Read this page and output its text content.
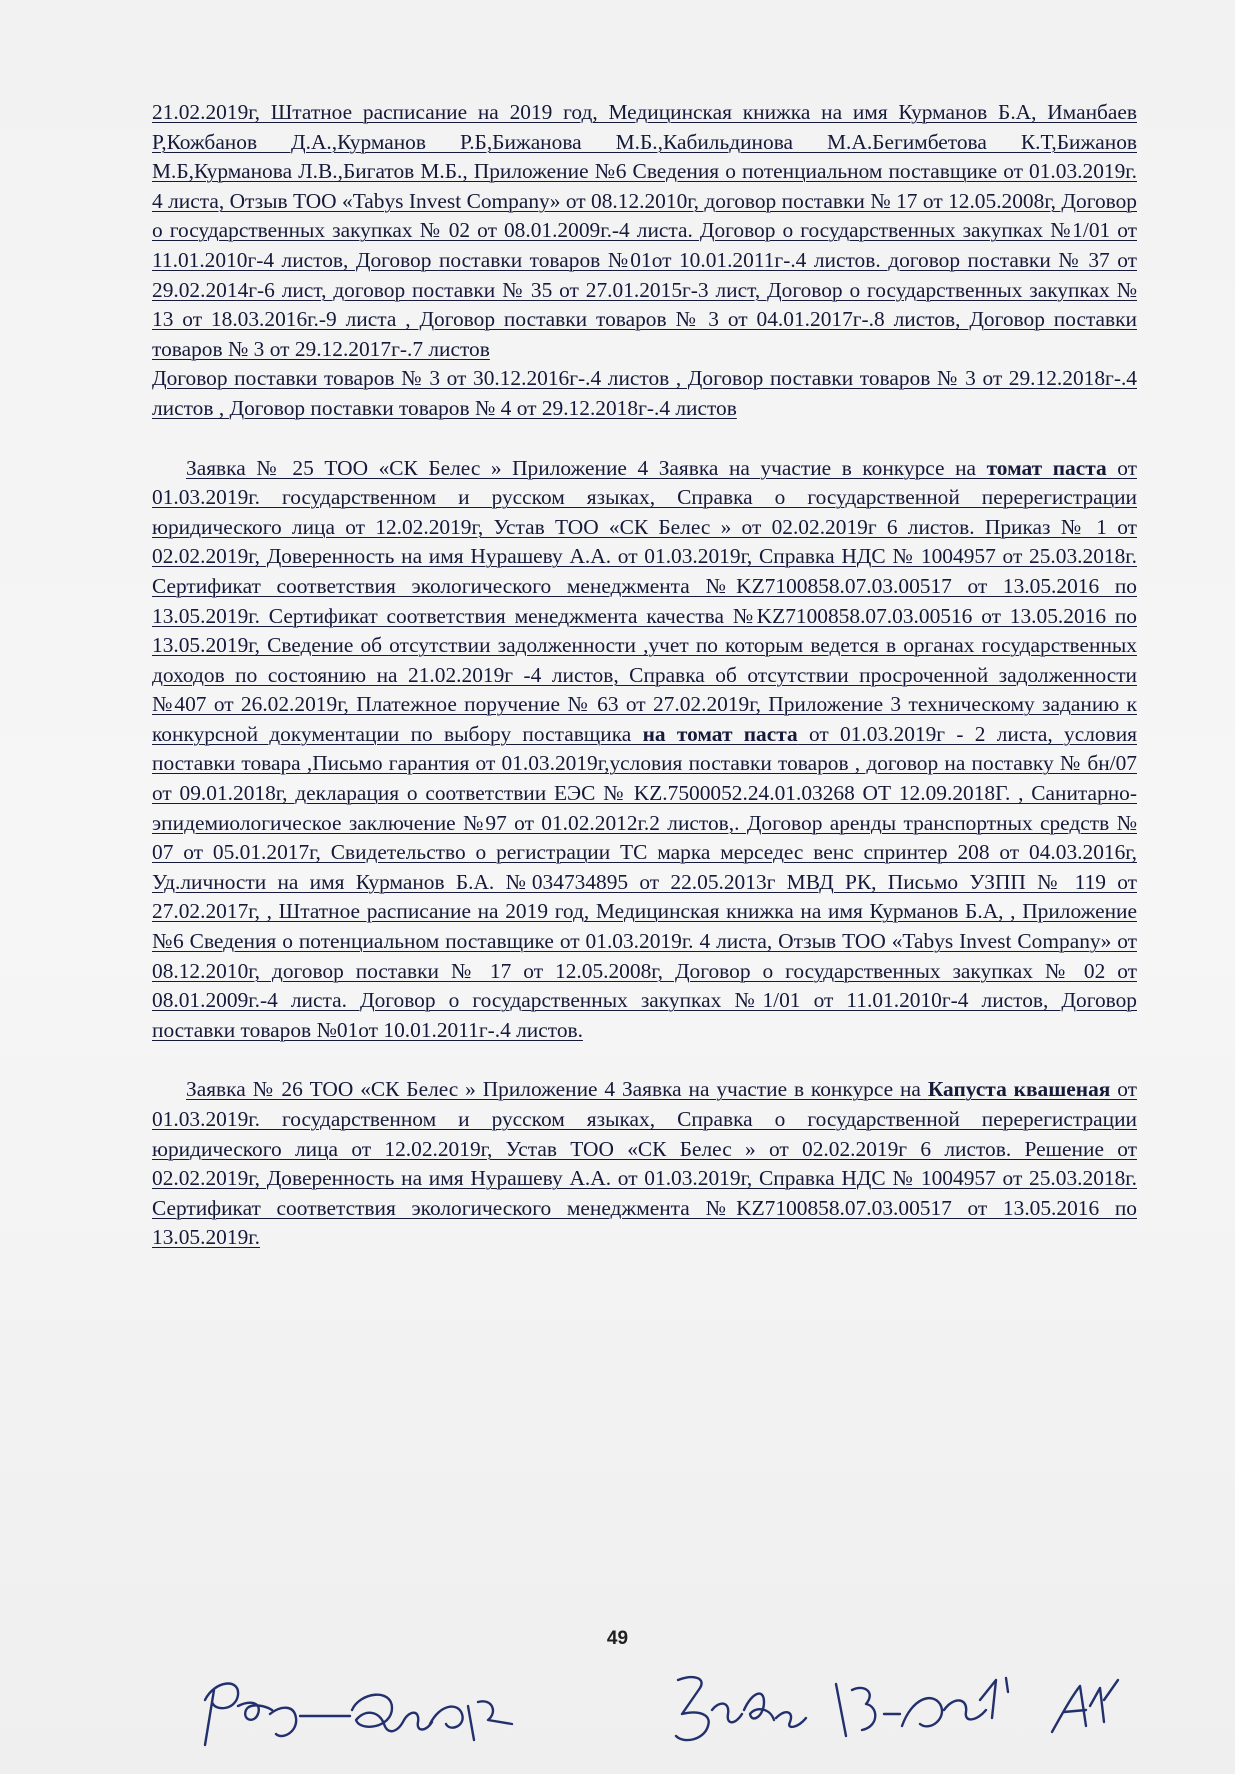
21.02.2019г, Штатное расписание на 2019 год, Медицинская книжка на имя Курманов Б.А, Иманбаев Р,Кожбанов Д.А.,Курманов Р.Б,Бижанова М.Б.,Кабильдинова М.А.Бегимбетова К.Т,Бижанов М.Б,Курманова Л.В.,Бигатов М.Б., Приложение №6 Сведения о потенциальном поставщике от 01.03.2019г. 4 листа, Отзыв ТОО «Tabys Invest Company» от 08.12.2010г, договор поставки № 17 от 12.05.2008г, Договор о государственных закупках № 02 от 08.01.2009г.-4 листа. Договор о государственных закупках №1/01 от 11.01.2010г-4 листов, Договор поставки товаров №01от 10.01.2011г-.4 листов. договор поставки № 37 от 29.02.2014г-6 лист, договор поставки № 35 от 27.01.2015г-3 лист, Договор о государственных закупках № 13 от 18.03.2016г.-9 листа , Договор поставки товаров № 3 от 04.01.2017г-.8 листов, Договор поставки товаров № 3 от 29.12.2017г-.7 листов

Договор поставки товаров № 3 от 30.12.2016г-.4 листов , Договор поставки товаров № 3 от 29.12.2018г-.4 листов , Договор поставки товаров № 4 от 29.12.2018г-.4 листов

Заявка № 25 ТОО «СК Белес » Приложение 4 Заявка на участие в конкурсе на томат паста от 01.03.2019г. государственном и русском языках, Справка о государственной перерегистрации юридического лица от 12.02.2019г, Устав ТОО «СК Белес » от 02.02.2019г 6 листов. Приказ № 1 от 02.02.2019г, Доверенность на имя Нурашеву А.А. от 01.03.2019г, Справка НДС № 1004957 от 25.03.2018г. Сертификат соответствия экологического менеджмента №KZ7100858.07.03.00517 от 13.05.2016 по 13.05.2019г. Сертификат соответствия менеджмента качества №KZ7100858.07.03.00516 от 13.05.2016 по 13.05.2019г, Сведение об отсутствии задолженности ,учет по которым ведется в органах государственных доходов по состоянию на 21.02.2019г -4 листов, Справка об отсутствии просроченной задолженности №407 от 26.02.2019г, Платежное поручение № 63 от 27.02.2019г, Приложение 3 техническому заданию к конкурсной документации по выбору поставщика на томат паста от 01.03.2019г - 2 листа, условия поставки товара ,Письмо гарантия от 01.03.2019г,условия поставки товаров , договор на поставку № бн/07 от 09.01.2018г, декларация о соответствии ЕЭС № KZ.7500052.24.01.03268 ОТ 12.09.2018Г. , Санитарно-эпидемиологическое заключение №97 от 01.02.2012г.2 листов,. Договор аренды транспортных средств № 07 от 05.01.2017г, Свидетельство о регистрации ТС марка мерседес венс спринтер 208 от 04.03.2016г, Уд.личности на имя Курманов Б.А. №034734895 от 22.05.2013г МВД РК, Письмо УЗПП № 119 от 27.02.2017г, , Штатное расписание на 2019 год, Медицинская книжка на имя Курманов Б.А, , Приложение №6 Сведения о потенциальном поставщике от 01.03.2019г. 4 листа, Отзыв ТОО «Tabys Invest Company» от 08.12.2010г, договор поставки № 17 от 12.05.2008г, Договор о государственных закупках № 02 от 08.01.2009г.-4 листа. Договор о государственных закупках №1/01 от 11.01.2010г-4 листов, Договор поставки товаров №01от 10.01.2011г-.4 листов.

Заявка № 26 ТОО «СК Белес » Приложение 4 Заявка на участие в конкурсе на Капуста квашеная от 01.03.2019г. государственном и русском языках, Справка о государственной перерегистрации юридического лица от 12.02.2019г, Устав ТОО «СК Белес » от 02.02.2019г 6 листов. Решение от 02.02.2019г, Доверенность на имя Нурашеву А.А. от 01.03.2019г, Справка НДС № 1004957 от 25.03.2018г. Сертификат соответствия экологического менеджмента №KZ7100858.07.03.00517 от 13.05.2016 по 13.05.2019г.

49
